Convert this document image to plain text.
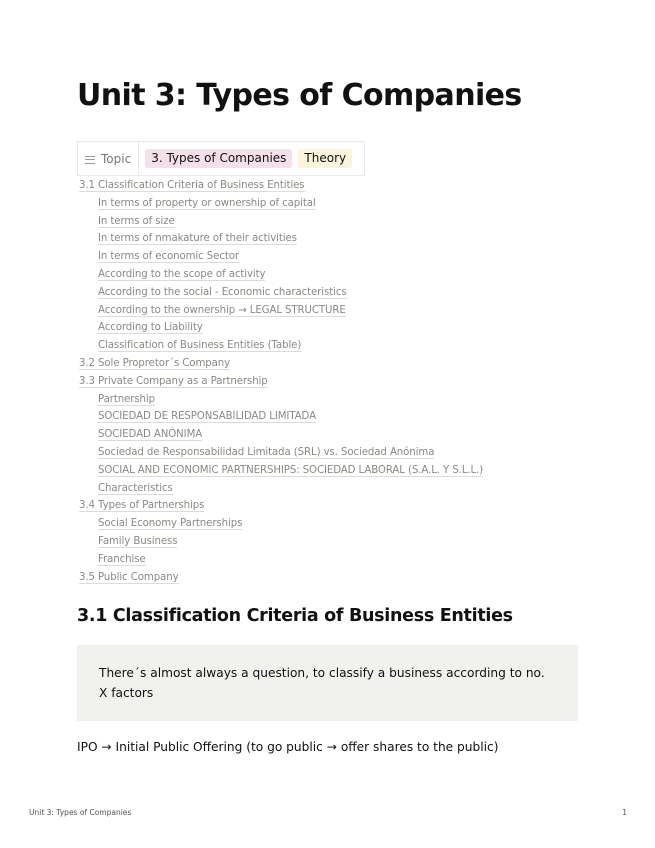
Unit 3: Types of Companies
Topic	3. Types of Companies	Theory
3.1 Classification Criteria of Business Entities
In terms of property or ownership of capital
In terms of size
In terms of nmakature of their activities
In terms of economic Sector
According to the scope of activity
According to the social - Economic characteristics
According to the ownership → LEGAL STRUCTURE
According to Liability
Classification of Business Entities (Table)
3.2 Sole Propretor´s Company
3.3 Private Company as a Partnership
Partnership
SOCIEDAD DE RESPONSABILIDAD LIMITADA
SOCIEDAD ANÓNIMA
Sociedad de Responsabilidad Limitada (SRL) vs. Sociedad Anónima
SOCIAL AND ECONOMIC PARTNERSHIPS: SOCIEDAD LABORAL (S.A.L. Y S.L.L.)
Characteristics
3.4 Types of Partnerships
Social Economy Partnerships
Family Business
Franchise
3.5 Public Company
3.1 Classification Criteria of Business Entities
There´s almost always a question, to classify a business according to no. X factors

IPO → Initial Public Offering (to go public → offer shares to the public)

Unit 3: Types of Companies	1
